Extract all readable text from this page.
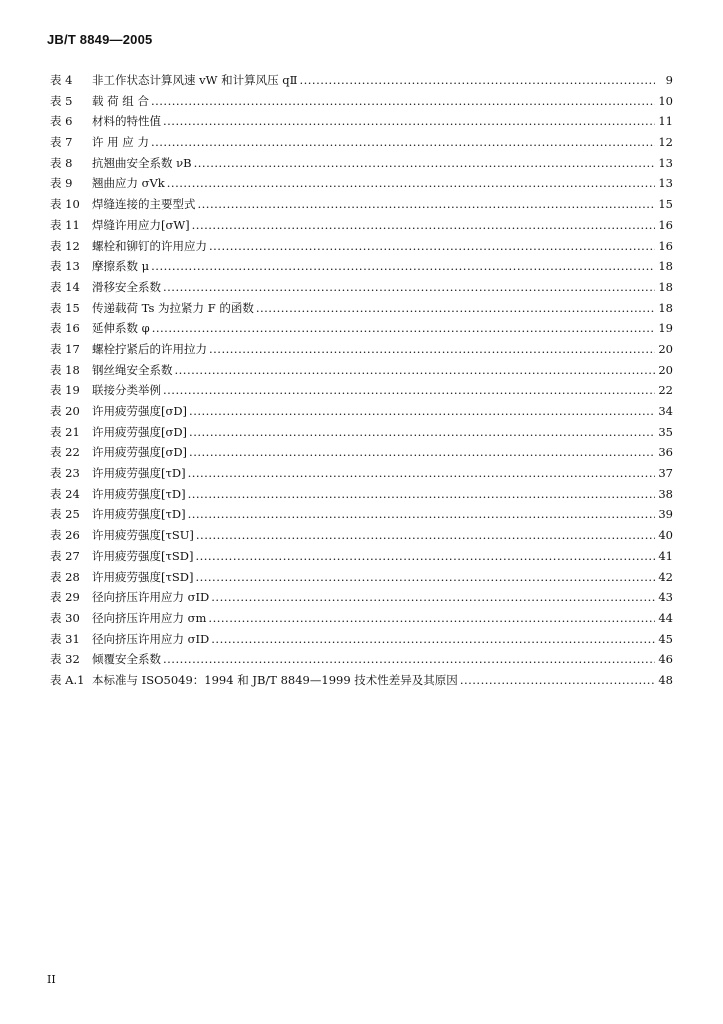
JB/T 8849—2005
表 4	非工作状态计算风速 vW 和计算风压 qⅡ .....	9
表 5	载 荷 组 合 .....	10
表 6	材料的特性值 .....	11
表 7	许 用 应 力 .....	12
表 8	抗翘曲安全系数 νB .....	13
表 9	翘曲应力 σVk .....	13
表 10	焊缝连接的主要型式 .....	15
表 11	焊缝许用应力[σW] .....	16
表 12	螺栓和铆钉的许用应力 .....	16
表 13	摩擦系数 μ .....	18
表 14	滑移安全系数 .....	18
表 15	传递载荷 Ts 为拉紧力 F 的函数 .....	18
表 16	延伸系数 φ .....	19
表 17	螺栓拧紧后的许用拉力 .....	20
表 18	钢丝绳安全系数 .....	20
表 19	联接分类举例 .....	22
表 20	许用疲劳强度[σD] .....	34
表 21	许用疲劳强度[σD] .....	35
表 22	许用疲劳强度[σD] .....	36
表 23	许用疲劳强度[τD] .....	37
表 24	许用疲劳强度[τD] .....	38
表 25	许用疲劳强度[τD] .....	39
表 26	许用疲劳强度[τSU] .....	40
表 27	许用疲劳强度[τSD] .....	41
表 28	许用疲劳强度[τSD] .....	42
表 29	径向挤压许用应力 σID .....	43
表 30	径向挤压许用应力 σm .....	44
表 31	径向挤压许用应力 σID .....	45
表 32	倾覆安全系数 .....	46
表 A.1 本标准与 ISO5049：1994 和 JB/T 8849—1999 技术性差异及其原因 .....	48
II
